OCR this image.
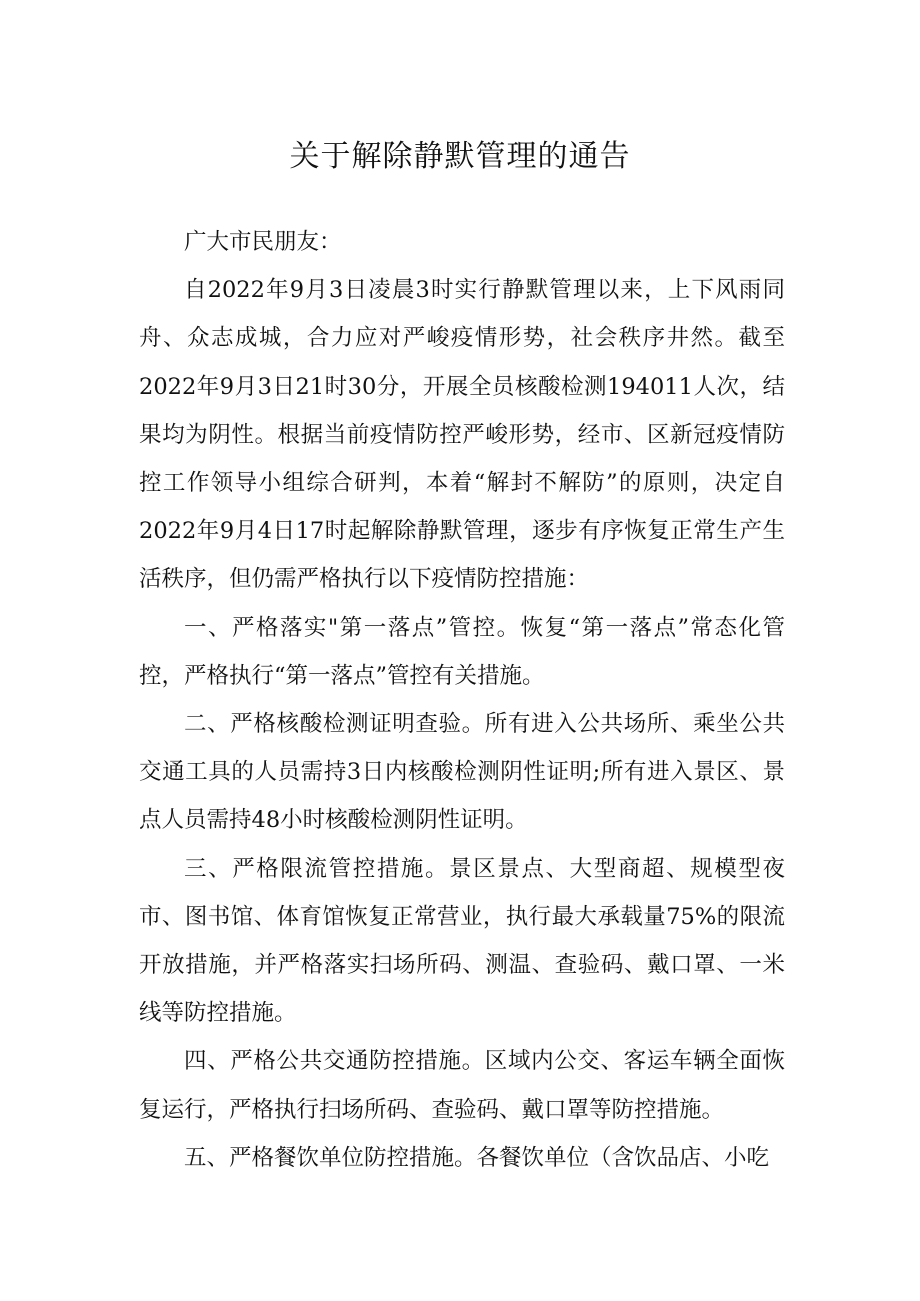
关于解除静默管理的通告

广大市民朋友：

自2022年9月3日凌晨3时实行静默管理以来，上下风雨同舟、众志成城，合力应对严峻疫情形势，社会秩序井然。截至2022年9月3日21时30分，开展全员核酸检测194011人次，结果均为阴性。根据当前疫情防控严峻形势，经市、区新冠疫情防控工作领导小组综合研判，本着“解封不解防”的原则，决定自2022年9月4日17时起解除静默管理，逐步有序恢复正常生产生活秩序，但仍需严格执行以下疫情防控措施：

一、严格落实"第一落点”管控。恢复“第一落点”常态化管控，严格执行“第一落点”管控有关措施。

二、严格核酸检测证明查验。所有进入公共场所、乘坐公共交通工具的人员需持3日内核酸检测阴性证明;所有进入景区、景点人员需持48小时核酸检测阴性证明。

三、严格限流管控措施。景区景点、大型商超、规模型夜市、图书馆、体育馆恢复正常营业，执行最大承载量75%的限流开放措施，并严格落实扫场所码、测温、查验码、戴口罩、一米线等防控措施。

四、严格公共交通防控措施。区域内公交、客运车辆全面恢复运行，严格执行扫场所码、查验码、戴口罩等防控措施。

五、严格餐饮单位防控措施。各餐饮单位（含饮品店、小吃
